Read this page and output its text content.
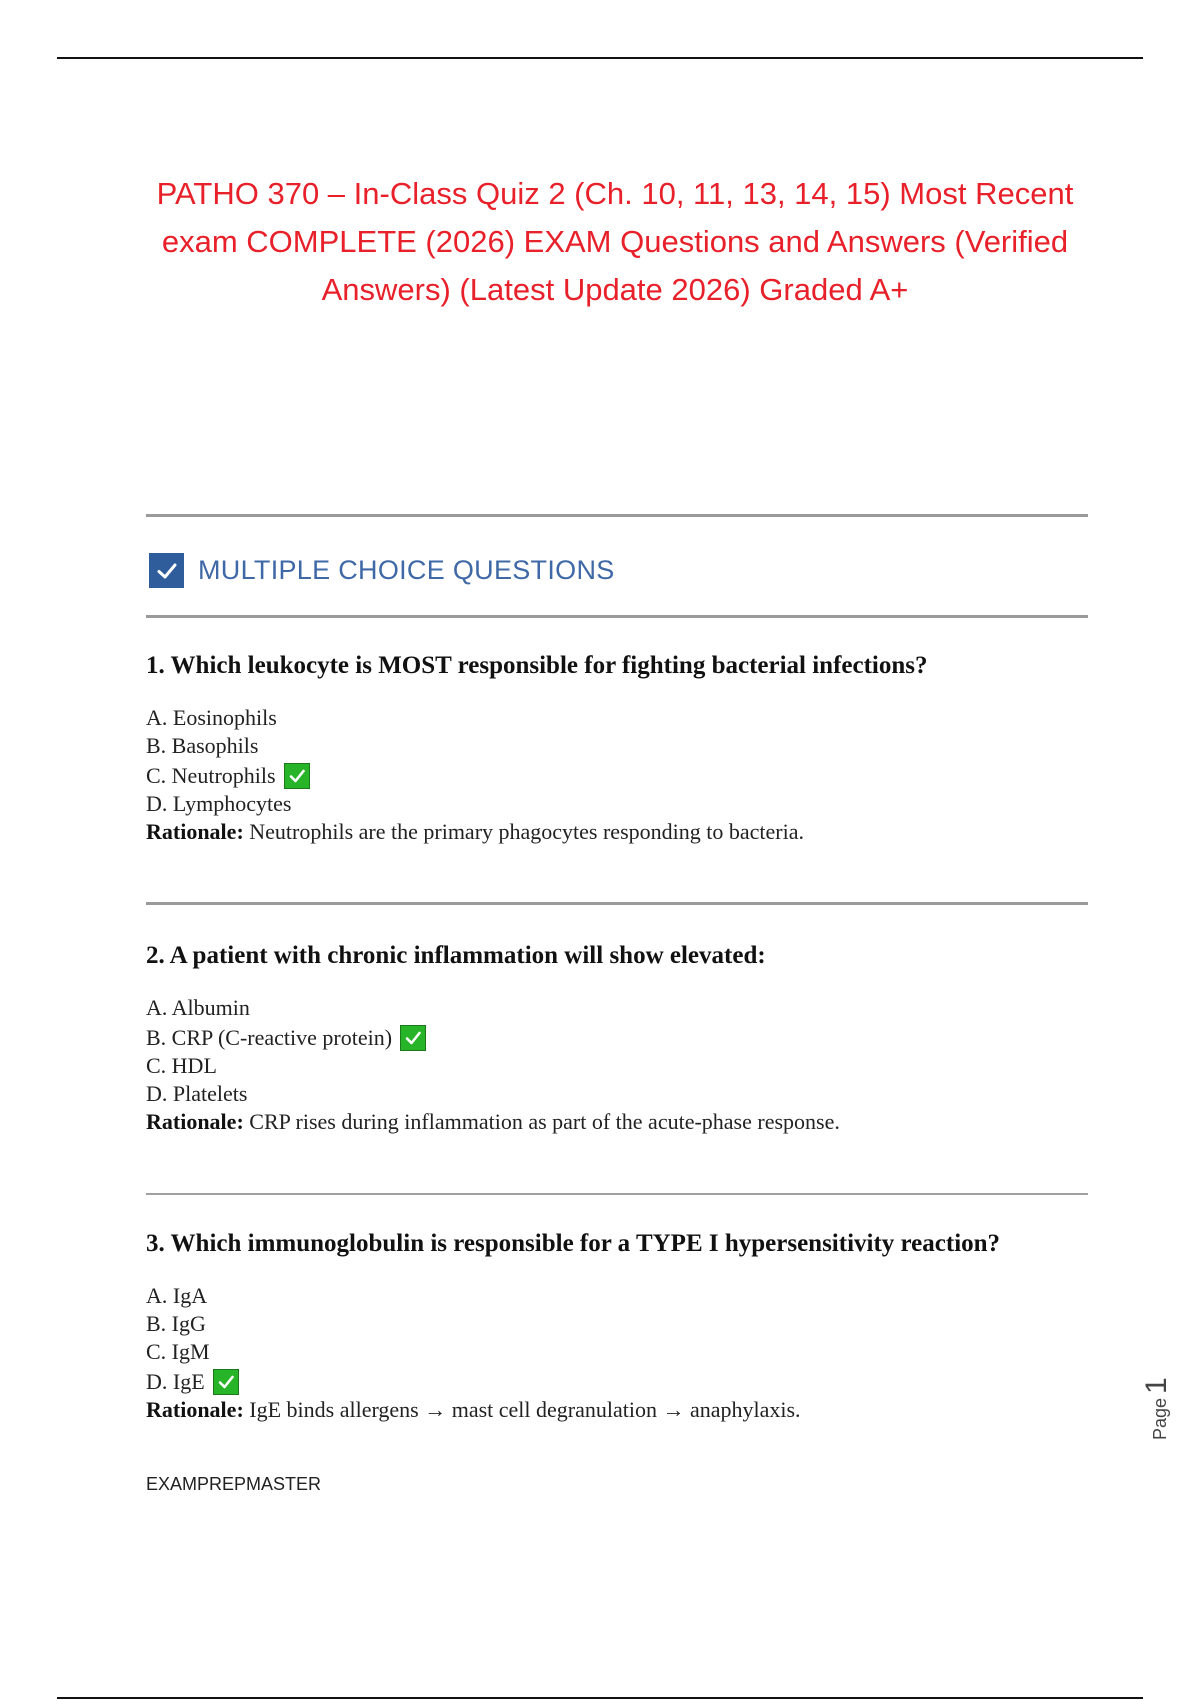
PATHO 370 – In-Class Quiz 2 (Ch. 10, 11, 13, 14, 15) Most Recent exam COMPLETE (2026) EXAM Questions and Answers (Verified Answers) (Latest Update 2026) Graded A+
MULTIPLE CHOICE QUESTIONS

1. Which leukocyte is MOST responsible for fighting bacterial infections?

A. Eosinophils
B. Basophils
C. Neutrophils
D. Lymphocytes
Rationale: Neutrophils are the primary phagocytes responding to bacteria.

2. A patient with chronic inflammation will show elevated:

A. Albumin
B. CRP (C-reactive protein)
C. HDL
D. Platelets
Rationale: CRP rises during inflammation as part of the acute-phase response.

3. Which immunoglobulin is responsible for a TYPE I hypersensitivity reaction?

A. IgA
B. IgG
C. IgM
D. IgE
Rationale: IgE binds allergens → mast cell degranulation → anaphylaxis.
EXAMPREPMASTER
Page
1
